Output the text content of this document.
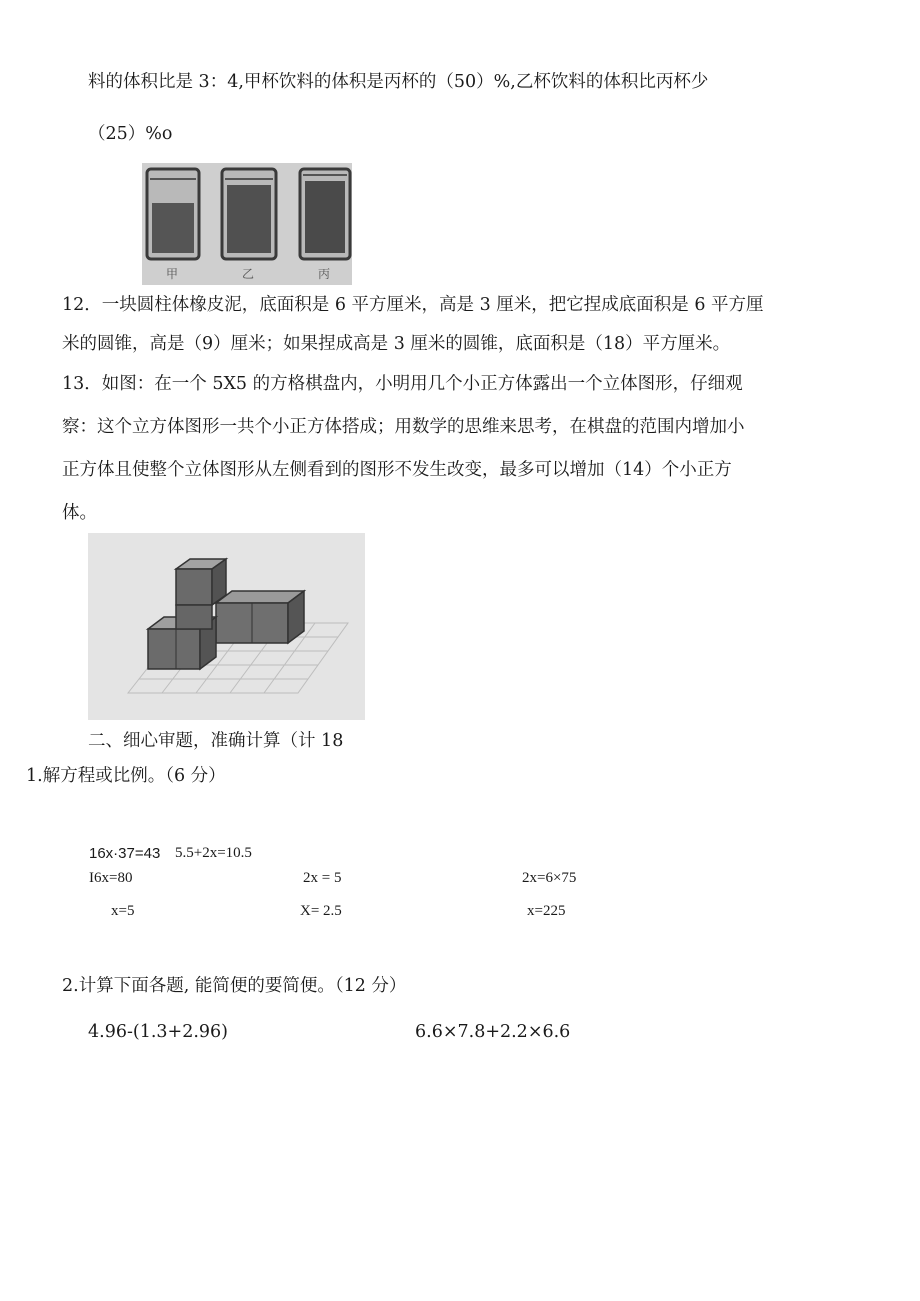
料的体积比是 3：4,甲杯饮料的体积是丙杯的（50）%,乙杯饮料的体积比丙杯少
（25）%o
甲	乙	丙
12．一块圆柱体橡皮泥，底面积是 6 平方厘米，高是 3 厘米，把它捏成底面积是 6 平方厘
米的圆锥，高是（9）厘米；如果捏成高是 3 厘米的圆锥，底面积是（18）平方厘米。
13．如图：在一个 5X5 的方格棋盘内，小明用几个小正方体露出一个立体图形，仔细观
察：这个立方体图形一共个小正方体搭成；用数学的思维来思考，在棋盘的范围内增加小
正方体且使整个立体图形从左侧看到的图形不发生改变，最多可以增加（14）个小正方
体。
二、细心审题，准确计算（计 18
1.解方程或比例。（6 分）
16x·37=43 5.5+2x=10.5
I6x=80	2x = 5	2x=6×75
x=5	X= 2.5	x=225
2.计算下面各题, 能简便的要简便。（12 分）
4.96-(1.3+2.96)	6.6×7.8+2.2×6.6
